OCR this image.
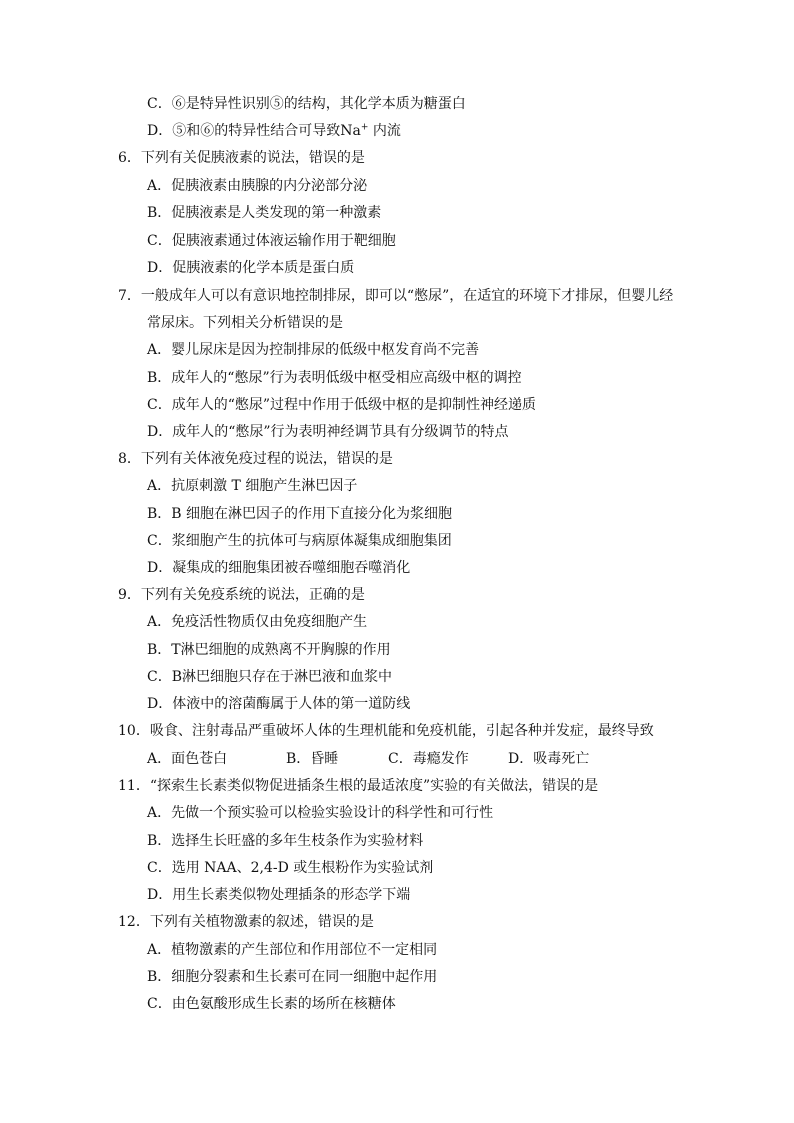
C．⑥是特异性识别⑤的结构，其化学本质为糖蛋白
D．⑤和⑥的特异性结合可导致Na+ 内流
6．下列有关促胰液素的说法，错误的是
A．促胰液素由胰腺的内分泌部分泌
B．促胰液素是人类发现的第一种激素
C．促胰液素通过体液运输作用于靶细胞
D．促胰液素的化学本质是蛋白质
7．一般成年人可以有意识地控制排尿，即可以“憋尿”，在适宜的环境下才排尿，但婴儿经
常尿床。下列相关分析错误的是
A．婴儿尿床是因为控制排尿的低级中枢发育尚不完善
B．成年人的“憋尿”行为表明低级中枢受相应高级中枢的调控
C．成年人的“憋尿”过程中作用于低级中枢的是抑制性神经递质
D．成年人的“憋尿”行为表明神经调节具有分级调节的特点
8．下列有关体液免疫过程的说法，错误的是
A．抗原刺激 T 细胞产生淋巴因子
B．B 细胞在淋巴因子的作用下直接分化为浆细胞
C．浆细胞产生的抗体可与病原体凝集成细胞集团
D．凝集成的细胞集团被吞噬细胞吞噬消化
9．下列有关免疫系统的说法，正确的是
A．免疫活性物质仅由免疫细胞产生
B．T淋巴细胞的成熟离不开胸腺的作用
C．B淋巴细胞只存在于淋巴液和血浆中
D．体液中的溶菌酶属于人体的第一道防线
10．吸食、注射毒品严重破坏人体的生理机能和免疫机能，引起各种并发症，最终导致
A．面色苍白	B．昏睡	C．毒瘾发作	D．吸毒死亡
11．“探索生长素类似物促进插条生根的最适浓度”实验的有关做法，错误的是
A．先做一个预实验可以检验实验设计的科学性和可行性
B．选择生长旺盛的多年生枝条作为实验材料
C．选用 NAA、2,4-D 或生根粉作为实验试剂
D．用生长素类似物处理插条的形态学下端
12．下列有关植物激素的叙述，错误的是
A．植物激素的产生部位和作用部位不一定相同
B．细胞分裂素和生长素可在同一细胞中起作用
C．由色氨酸形成生长素的场所在核糖体
